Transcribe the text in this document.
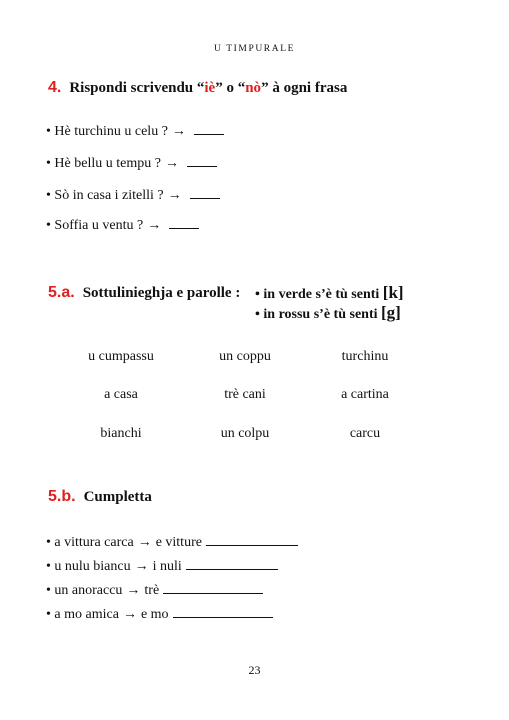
U TIMPURALE
4. Rispondi scrivendu “iè” o “nò” à ogni frasa
• Hè turchinu u celu ? →
• Hè bellu u tempu ? →
• Sò in casa i zitelli ? →
• Soffia u ventu ? →
5.a. Sottulinieghja e parolle : • in verde s’è tù senti [k]
• in rossu s’è tù senti [g]
u cumpassu	un coppu	turchinu
a casa	trè cani	a cartina
bianchi	un colpu	carcu
5.b. Cumpletta
• a vittura carca → e vitture
• u nulu biancu → i nuli
• un anoraccu → trè
• a mo amica → e mo
23
